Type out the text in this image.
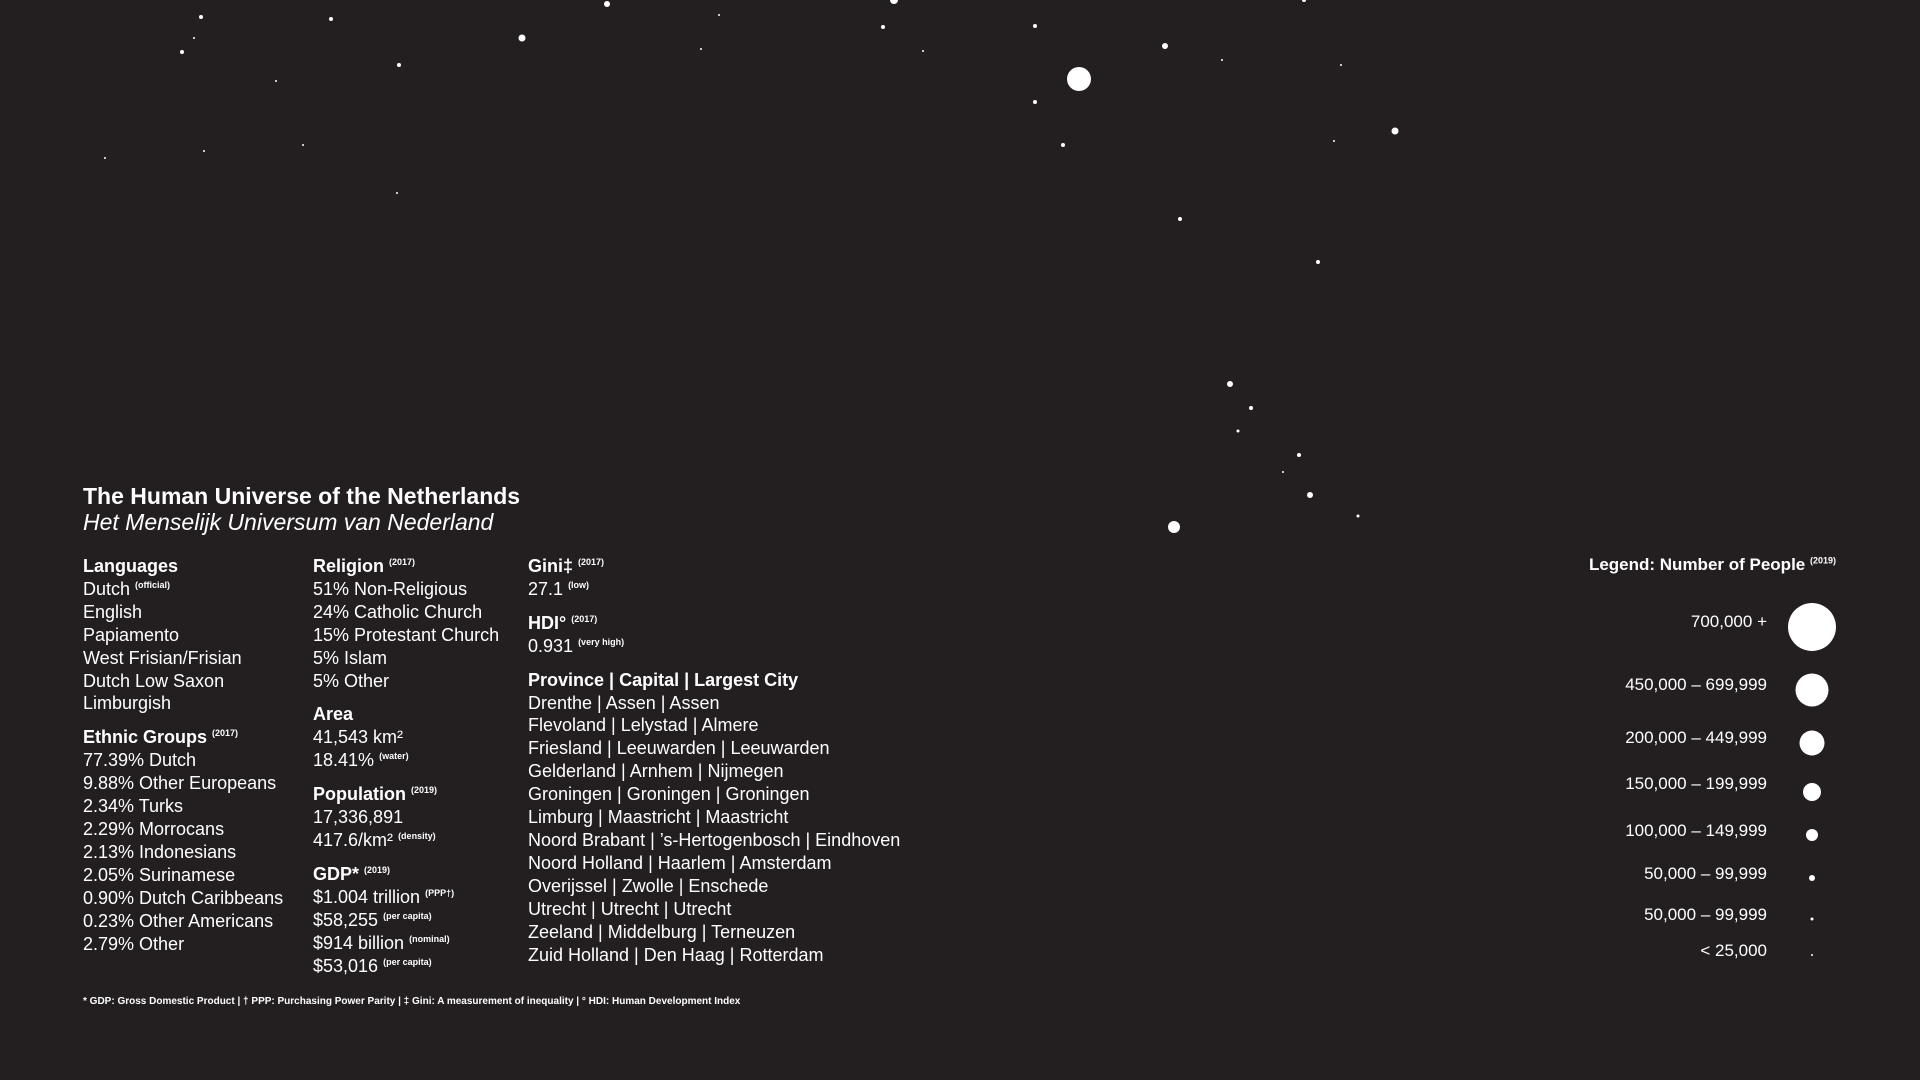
The Human Universe of the Netherlands
Het Menselijk Universum van Nederland
Languages
Dutch $^{(official)}$
English
Papiamento
West Frisian/Frisian
Dutch Low Saxon
Limburgish
Ethnic Groups $^{(2017)}$
77.39% Dutch
9.88% Other Europeans
2.34% Turks
2.29% Morrocans
2.13% Indonesians
2.05% Surinamese
0.90% Dutch Caribbeans
0.23% Other Americans
2.79% Other
Religion $^{(2017)}$
51% Non-Religious
24% Catholic Church
15% Protestant Church
5% Islam
5% Other
Area
41,543 km²
18.41% $^{(water)}$
Population $^{(2019)}$
17,336,891
417.6/km² $^{(density)}$
GDP* $^{(2019)}$
$1.004 trillion $^{(PPP\dagger)}$
$58,255 $^{(per capita)}$
$914 billion $^{(nominal)}$
$53,016 $^{(per capita)}$
Gini‡ $^{(2017)}$
27.1 $^{(low)}$
HDI° $^{(2017)}$
0.931 $^{(very high)}$
Province | Capital | Largest City
Drenthe | Assen | Assen
Flevoland | Lelystad | Almere
Friesland | Leeuwarden | Leeuwarden
Gelderland | Arnhem | Nijmegen
Groningen | Groningen | Groningen
Limburg | Maastricht | Maastricht
Noord Brabant | ’s-Hertogenbosch | Eindhoven
Noord Holland | Haarlem | Amsterdam
Overijssel | Zwolle | Enschede
Utrecht | Utrecht | Utrecht
Zeeland | Middelburg | Terneuzen
Zuid Holland | Den Haag | Rotterdam
Legend: Number of People $^{(2019)}$
700,000 +
450,000 – 699,999
200,000 – 449,999
150,000 – 199,999
100,000 – 149,999
50,000 – 99,999
50,000 – 99,999
< 25,000
* GDP: Gross Domestic Product | † PPP: Purchasing Power Parity | ‡ Gini: A measurement of inequality | ° HDI: Human Development Index
